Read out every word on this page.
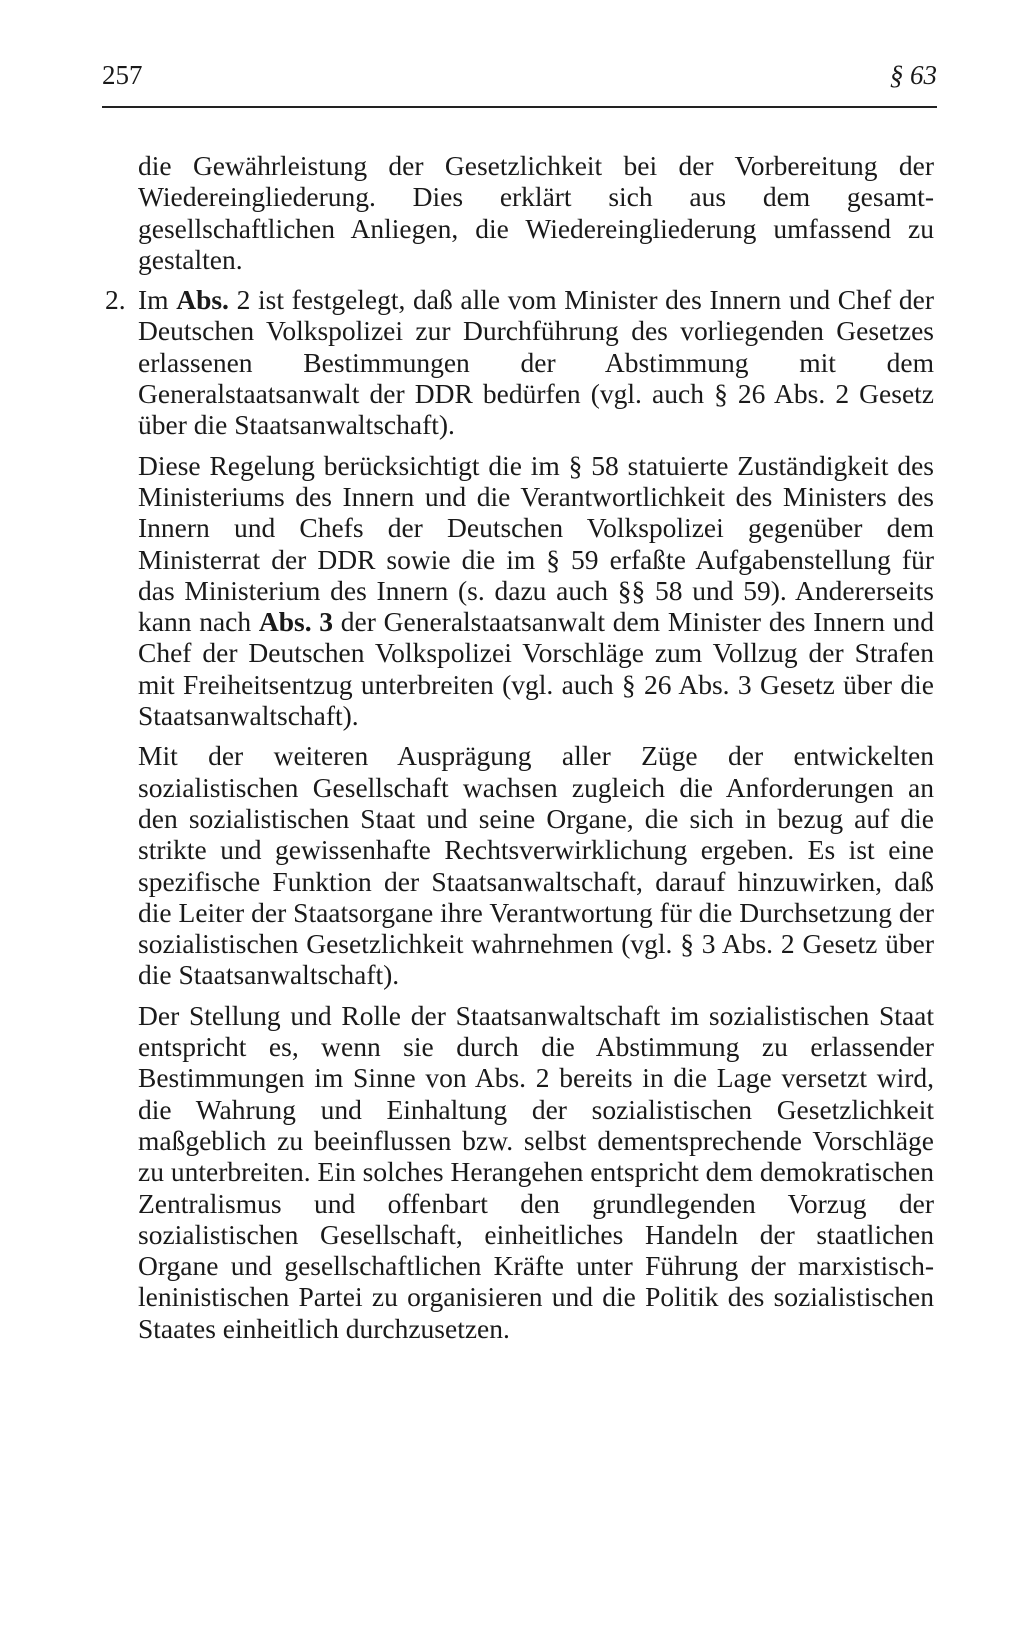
257	§ 63

die Gewährleistung der Gesetzlichkeit bei der Vorbereitung der Wiedereingliederung. Dies erklärt sich aus dem gesamtgesellschaftlichen Anliegen, die Wiedereingliederung umfassend zu gestalten.

2. Im Abs. 2 ist festgelegt, daß alle vom Minister des Innern und Chef der Deutschen Volkspolizei zur Durchführung des vorliegenden Gesetzes erlassenen Bestimmungen der Abstimmung mit dem Generalstaatsanwalt der DDR bedürfen (vgl. auch § 26 Abs. 2 Gesetz über die Staatsanwaltschaft).

Diese Regelung berücksichtigt die im § 58 statuierte Zuständigkeit des Ministeriums des Innern und die Verantwortlichkeit des Ministers des Innern und Chefs der Deutschen Volkspolizei gegenüber dem Ministerrat der DDR sowie die im § 59 erfaßte Aufgabenstellung für das Ministerium des Innern (s. dazu auch §§ 58 und 59). Andererseits kann nach Abs. 3 der Generalstaatsanwalt dem Minister des Innern und Chef der Deutschen Volkspolizei Vorschläge zum Vollzug der Strafen mit Freiheitsentzug unterbreiten (vgl. auch § 26 Abs. 3 Gesetz über die Staatsanwaltschaft).

Mit der weiteren Ausprägung aller Züge der entwickelten sozialistischen Gesellschaft wachsen zugleich die Anforderungen an den sozialistischen Staat und seine Organe, die sich in bezug auf die strikte und gewissenhafte Rechtsverwirklichung ergeben. Es ist eine spezifische Funktion der Staatsanwaltschaft, darauf hinzuwirken, daß die Leiter der Staatsorgane ihre Verantwortung für die Durchsetzung der sozialistischen Gesetzlichkeit wahrnehmen (vgl. § 3 Abs. 2 Gesetz über die Staatsanwaltschaft).

Der Stellung und Rolle der Staatsanwaltschaft im sozialistischen Staat entspricht es, wenn sie durch die Abstimmung zu erlassender Bestimmungen im Sinne von Abs. 2 bereits in die Lage versetzt wird, die Wahrung und Einhaltung der sozialistischen Gesetzlichkeit maßgeblich zu beeinflussen bzw. selbst dementsprechende Vorschläge zu unterbreiten. Ein solches Herangehen entspricht dem demokratischen Zentralismus und offenbart den grundlegenden Vorzug der sozialistischen Gesellschaft, einheitliches Handeln der staatlichen Organe und gesellschaftlichen Kräfte unter Führung der marxistisch-leninistischen Partei zu organisieren und die Politik des sozialistischen Staates einheitlich durchzusetzen.
